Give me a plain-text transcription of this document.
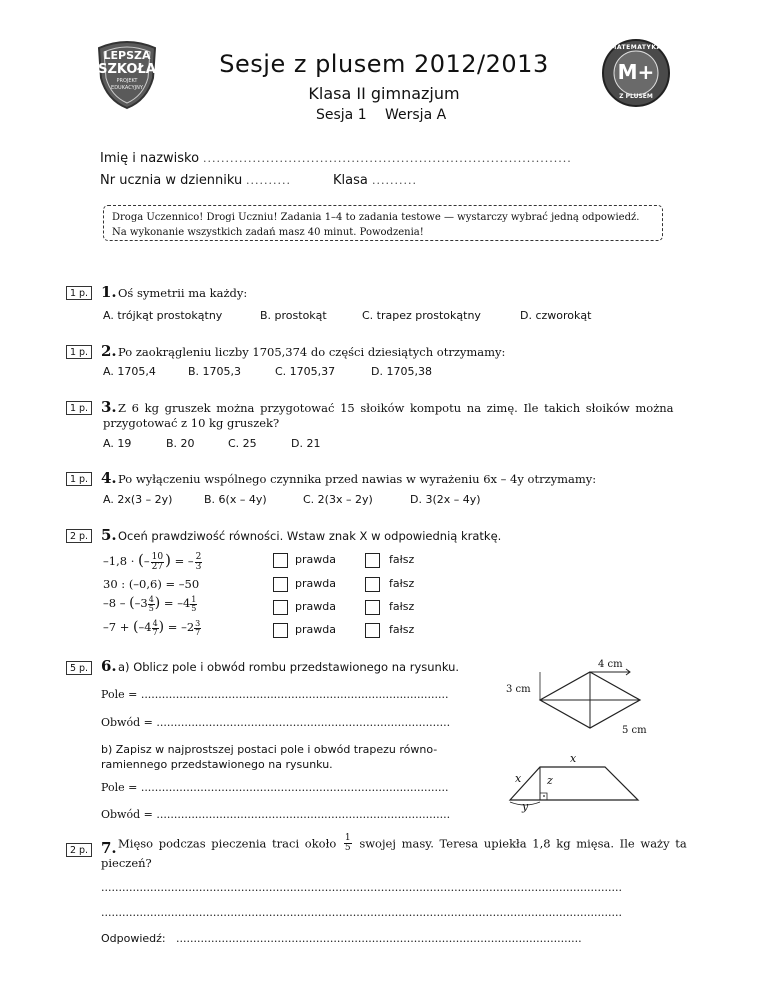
LEPSZA
SZKOŁA
PROJEKT
EDUKACYJNY
MATEMATYKA
M+
Z PLUSEM
Sesje z plusem 2012/2013
Klasa II gimnazjum
Sesja 1 Wersja A
Imię i nazwisko ..................................................................................
Nr ucznia w dzienniku ..........	Klasa ..........
Droga Uczennico! Drogi Uczniu! Zadania 1–4 to zadania testowe — wystarczy wybrać jedną odpowiedź. Na wykonanie wszystkich zadań masz 40 minut. Powodzenia!
1 p. 1. Oś symetrii ma każdy:
A. trójkąt prostokątny	B. prostokąt	C. trapez prostokątny	D. czworokąt
1 p. 2. Po zaokrągleniu liczby 1705,374 do części dziesiątych otrzymamy:
A. 1705,4	B. 1705,3	C. 1705,37	D. 1705,38
1 p. 3. Z 6 kg gruszek można przygotować 15 słoików kompotu na zimę. Ile takich słoików można
przygotować z 10 kg gruszek?
A. 19	B. 20	C. 25	D. 21
1 p. 4. Po wyłączeniu wspólnego czynnika przed nawias w wyrażeniu 6x – 4y otrzymamy:
A. 2x(3 – 2y)	B. 6(x – 4y)	C. 2(3x – 2y)	D. 3(2x – 4y)
2 p. 5. Oceń prawdziwość równości. Wstaw znak X w odpowiednią kratkę.
–1,8 · (– $\frac{10}{27}$ ) = – $\frac{2}{3}$	prawda	fałsz
30 : (–0,6) = –50	prawda	fałsz
$-8 - (-3 \frac{4}{5}$ ) = $-4 \frac{1}{5}$	prawda	fałsz
$-7 + (-4 \frac{4}{7}$ ) = $-2 \frac{3}{7}$	prawda	fałsz
5 p. 6. a) Oblicz pole i obwód rombu przedstawionego na rysunku.
Pole = ........................................................................................
Obwód = ....................................................................................
b) Zapisz w najprostszej postaci pole i obwód trapezu równo-
ramiennego przedstawionego na rysunku.
Pole = ........................................................................................
Obwód = ....................................................................................
4 cm
3 cm
5 cm
x
x z
y
2 p. 7. Mięso podczas pieczenia traci około $\frac{1}{5}$ swojej masy. Teresa upiekła 1,8 kg mięsa. Ile waży ta
pieczeń?
.....................................................................................................................................................
.....................................................................................................................................................
Odpowiedź: ....................................................................................................................
